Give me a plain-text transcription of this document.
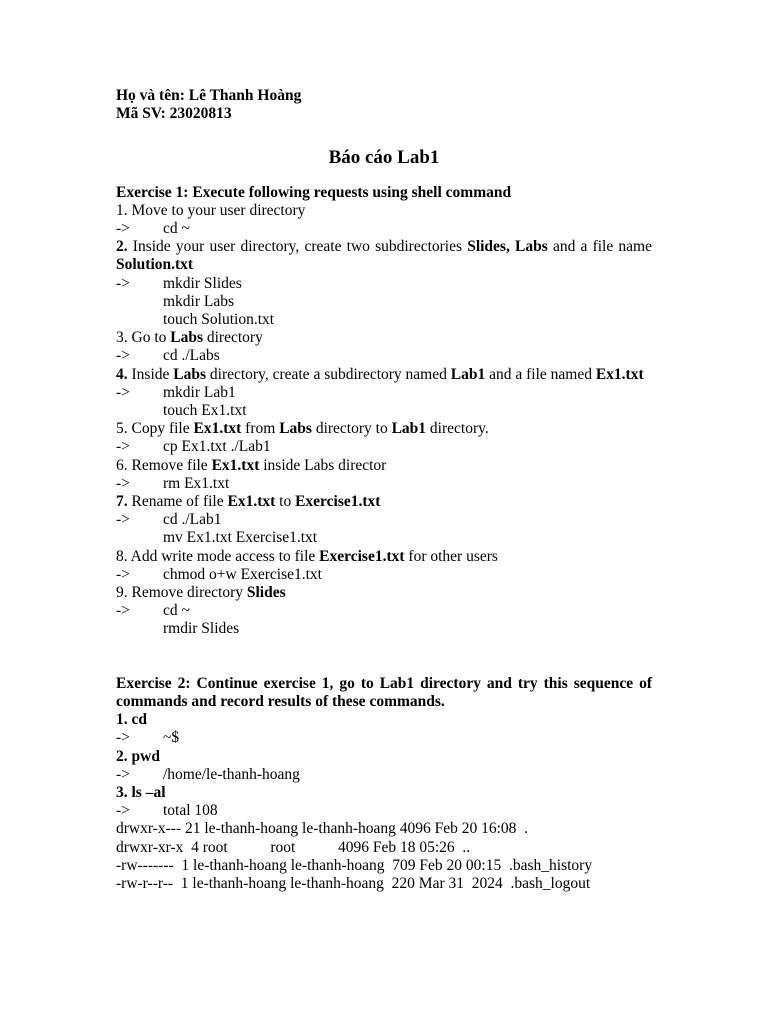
Họ và tên: Lê Thanh Hoàng
Mã SV: 23020813
Báo cáo Lab1
Exercise 1: Execute following requests using shell command
1. Move to your user directory
-> cd ~
2. Inside your user directory, create two subdirectories Slides, Labs and a file name Solution.txt
-> mkdir Slides
mkdir Labs
touch Solution.txt
3. Go to Labs directory
-> cd ./Labs
4. Inside Labs directory, create a subdirectory named Lab1 and a file named Ex1.txt
-> mkdir Lab1
touch Ex1.txt
5. Copy file Ex1.txt from Labs directory to Lab1 directory.
-> cp Ex1.txt ./Lab1
6. Remove file Ex1.txt inside Labs director
-> rm Ex1.txt
7. Rename of file Ex1.txt to Exercise1.txt
-> cd ./Lab1
mv Ex1.txt Exercise1.txt
8. Add write mode access to file Exercise1.txt for other users
-> chmod o+w Exercise1.txt
9. Remove directory Slides
-> cd ~
rmdir Slides
Exercise 2: Continue exercise 1, go to Lab1 directory and try this sequence of commands and record results of these commands.
1. cd
-> ~$
2. pwd
-> /home/le-thanh-hoang
3. ls –al
-> total 108
drwxr-x--- 21 le-thanh-hoang le-thanh-hoang 4096 Feb 20 16:08  .
drwxr-xr-x  4 root           root           4096 Feb 18 05:26  ..
-rw-------  1 le-thanh-hoang le-thanh-hoang  709 Feb 20 00:15  .bash_history
-rw-r--r--  1 le-thanh-hoang le-thanh-hoang  220 Mar 31  2024  .bash_logout
